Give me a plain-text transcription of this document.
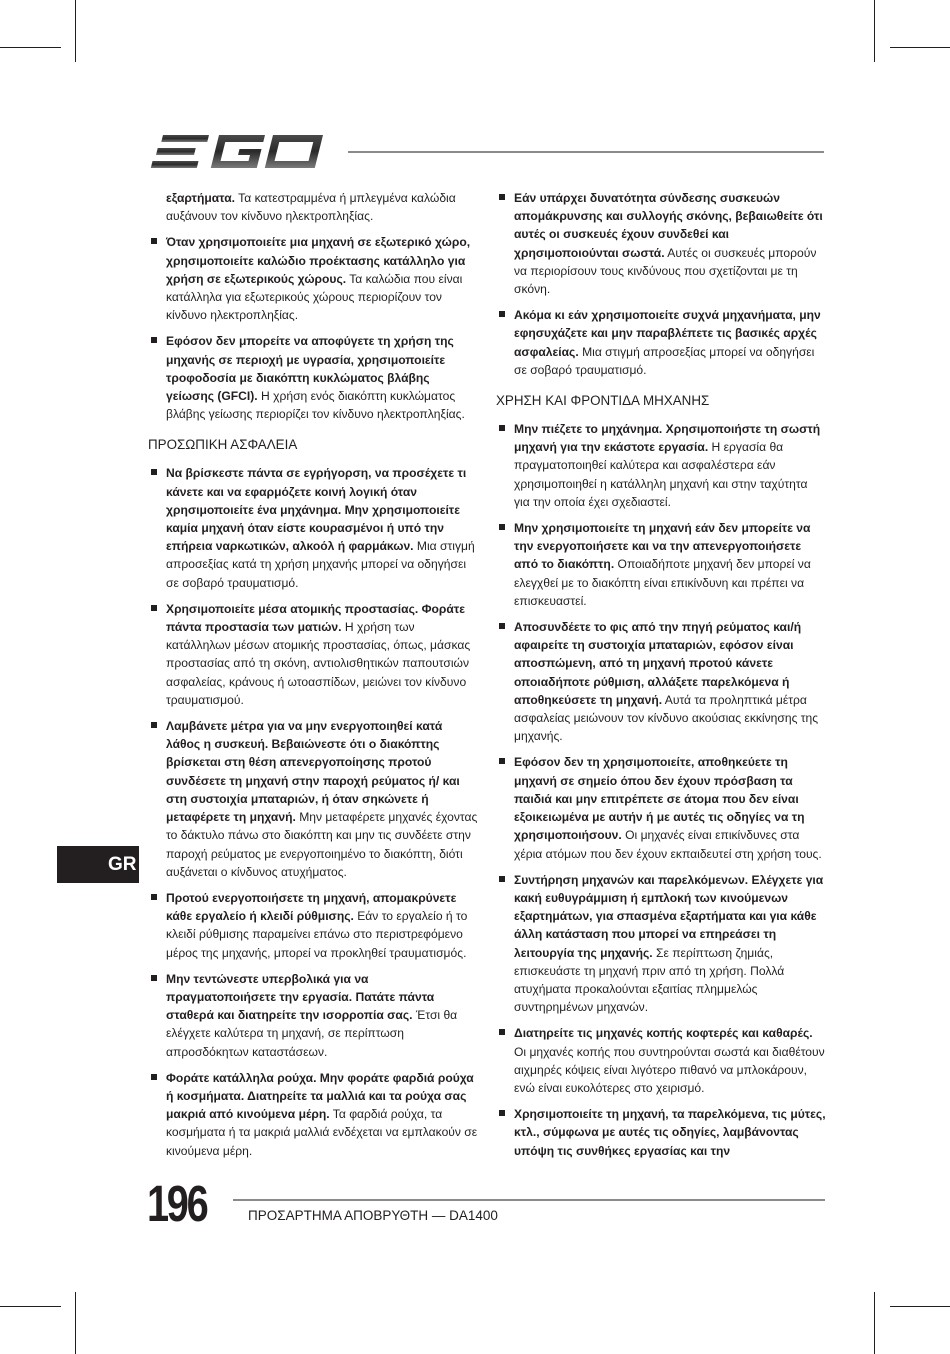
εξαρτήματα. Τα κατεστραμμένα ή μπλεγμένα καλώδια αυξάνουν τον κίνδυνο ηλεκτροπληξίας.
Όταν χρησιμοποιείτε μια μηχανή σε εξωτερικό χώρο, χρησιμοποιείτε καλώδιο προέκτασης κατάλληλο για χρήση σε εξωτερικούς χώρους. Τα καλώδια που είναι κατάλληλα για εξωτερικούς χώρους περιορίζουν τον κίνδυνο ηλεκτροπληξίας.
Εφόσον δεν μπορείτε να αποφύγετε τη χρήση της μηχανής σε περιοχή με υγρασία, χρησιμοποιείτε τροφοδοσία με διακόπτη κυκλώματος βλάβης γείωσης (GFCI). Η χρήση ενός διακόπτη κυκλώματος βλάβης γείωσης περιορίζει τον κίνδυνο ηλεκτροπληξίας.
ΠΡΟΣΩΠΙΚΗ ΑΣΦΑΛΕΙΑ
Να βρίσκεστε πάντα σε εγρήγορση, να προσέχετε τι κάνετε και να εφαρμόζετε κοινή λογική όταν χρησιμοποιείτε ένα μηχάνημα. Μην χρησιμοποιείτε καμία μηχανή όταν είστε κουρασμένοι ή υπό την επήρεια ναρκωτικών, αλκοόλ ή φαρμάκων. Μια στιγμή απροσεξίας κατά τη χρήση μηχανής μπορεί να οδηγήσει σε σοβαρό τραυματισμό.
Χρησιμοποιείτε μέσα ατομικής προστασίας. Φοράτε πάντα προστασία των ματιών. Η χρήση των κατάλληλων μέσων ατομικής προστασίας, όπως, μάσκας προστασίας από τη σκόνη, αντιολισθητικών παπουτσιών ασφαλείας, κράνους ή ωτοασπίδων, μειώνει τον κίνδυνο τραυματισμού.
Λαμβάνετε μέτρα για να μην ενεργοποιηθεί κατά λάθος η συσκευή. Βεβαιώνεστε ότι ο διακόπτης βρίσκεται στη θέση απενεργοποίησης προτού συνδέσετε τη μηχανή στην παροχή ρεύματος ή/ και στη συστοιχία μπαταριών, ή όταν σηκώνετε ή μεταφέρετε τη μηχανή. Μην μεταφέρετε μηχανές έχοντας το δάκτυλο πάνω στο διακόπτη και μην τις συνδέετε στην παροχή ρεύματος με ενεργοποιημένο το διακόπτη, διότι αυξάνεται ο κίνδυνος ατυχήματος.
Προτού ενεργοποιήσετε τη μηχανή, απομακρύνετε κάθε εργαλείο ή κλειδί ρύθμισης. Εάν το εργαλείο ή το κλειδί ρύθμισης παραμείνει επάνω στο περιστρεφόμενο μέρος της μηχανής, μπορεί να προκληθεί τραυματισμός.
Μην τεντώνεστε υπερβολικά για να πραγματοποιήσετε την εργασία. Πατάτε πάντα σταθερά και διατηρείτε την ισορροπία σας. Έτσι θα ελέγχετε καλύτερα τη μηχανή, σε περίπτωση απροσδόκητων καταστάσεων.
Φοράτε κατάλληλα ρούχα. Μην φοράτε φαρδιά ρούχα ή κοσμήματα. Διατηρείτε τα μαλλιά και τα ρούχα σας μακριά από κινούμενα μέρη. Τα φαρδιά ρούχα, τα κοσμήματα ή τα μακριά μαλλιά ενδέχεται να εμπλακούν σε κινούμενα μέρη.
Εάν υπάρχει δυνατότητα σύνδεσης συσκευών απομάκρυνσης και συλλογής σκόνης, βεβαιωθείτε ότι αυτές οι συσκευές έχουν συνδεθεί και χρησιμοποιούνται σωστά. Αυτές οι συσκευές μπορούν να περιορίσουν τους κινδύνους που σχετίζονται με τη σκόνη.
Ακόμα κι εάν χρησιμοποιείτε συχνά μηχανήματα, μην εφησυχάζετε και μην παραβλέπετε τις βασικές αρχές ασφαλείας. Μια στιγμή απροσεξίας μπορεί να οδηγήσει σε σοβαρό τραυματισμό.
ΧΡΗΣΗ ΚΑΙ ΦΡΟΝΤΙΔΑ ΜΗΧΑΝΗΣ
Μην πιέζετε το μηχάνημα. Χρησιμοποιήστε τη σωστή μηχανή για την εκάστοτε εργασία. Η εργασία θα πραγματοποιηθεί καλύτερα και ασφαλέστερα εάν χρησιμοποιηθεί η κατάλληλη μηχανή και στην ταχύτητα για την οποία έχει σχεδιαστεί.
Μην χρησιμοποιείτε τη μηχανή εάν δεν μπορείτε να την ενεργοποιήσετε και να την απενεργοποιήσετε από το διακόπτη. Οποιαδήποτε μηχανή δεν μπορεί να ελεγχθεί με το διακόπτη είναι επικίνδυνη και πρέπει να επισκευαστεί.
Αποσυνδέετε το φις από την πηγή ρεύματος και/ή αφαιρείτε τη συστοιχία μπαταριών, εφόσον είναι αποσπώμενη, από τη μηχανή προτού κάνετε οποιαδήποτε ρύθμιση, αλλάξετε παρελκόμενα ή αποθηκεύσετε τη μηχανή. Αυτά τα προληπτικά μέτρα ασφαλείας μειώνουν τον κίνδυνο ακούσιας εκκίνησης της μηχανής.
Εφόσον δεν τη χρησιμοποιείτε, αποθηκεύετε τη μηχανή σε σημείο όπου δεν έχουν πρόσβαση τα παιδιά και μην επιτρέπετε σε άτομα που δεν είναι εξοικειωμένα με αυτήν ή με αυτές τις οδηγίες να τη χρησιμοποιήσουν. Οι μηχανές είναι επικίνδυνες στα χέρια ατόμων που δεν έχουν εκπαιδευτεί στη χρήση τους.
Συντήρηση μηχανών και παρελκόμενων. Ελέγχετε για κακή ευθυγράμμιση ή εμπλοκή των κινούμενων εξαρτημάτων, για σπασμένα εξαρτήματα και για κάθε άλλη κατάσταση που μπορεί να επηρεάσει τη λειτουργία της μηχανής. Σε περίπτωση ζημιάς, επισκευάστε τη μηχανή πριν από τη χρήση. Πολλά ατυχήματα προκαλούνται εξαιτίας πλημμελώς συντηρημένων μηχανών.
Διατηρείτε τις μηχανές κοπής κοφτερές και καθαρές. Οι μηχανές κοπής που συντηρούνται σωστά και διαθέτουν αιχμηρές κόψεις είναι λιγότερο πιθανό να μπλοκάρουν, ενώ είναι ευκολότερες στο χειρισμό.
Χρησιμοποιείτε τη μηχανή, τα παρελκόμενα, τις μύτες, κτλ., σύμφωνα με αυτές τις οδηγίες, λαμβάνοντας υπόψη τις συνθήκες εργασίας και την
GR
196	ΠΡΟΣΑΡΤΗΜΑ ΑΠΟΒΡΥΘΤΗ — DA1400
